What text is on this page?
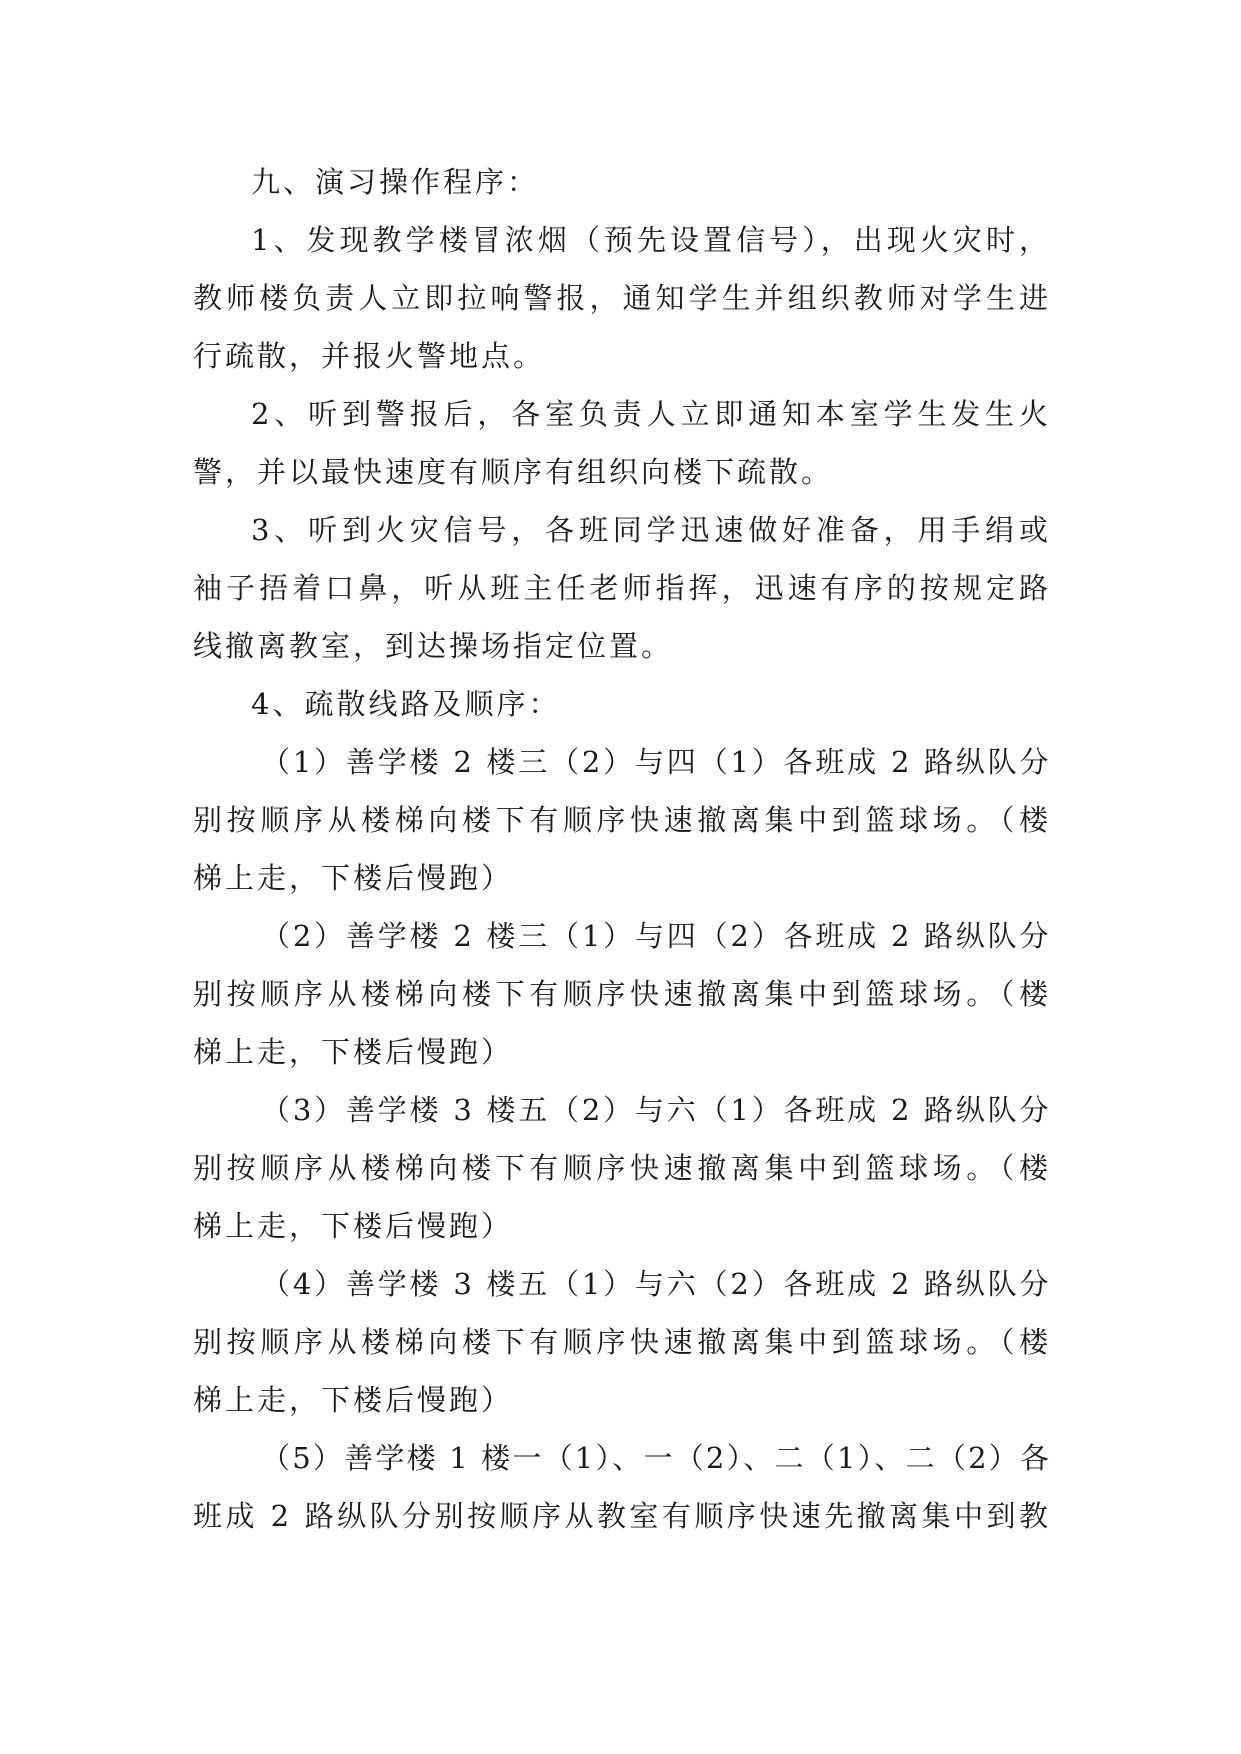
九、演习操作程序：
1、发现教学楼冒浓烟（预先设置信号），出现火灾时，
教师楼负责人立即拉响警报，通知学生并组织教师对学生进
行疏散，并报火警地点。
2、听到警报后，各室负责人立即通知本室学生发生火
警，并以最快速度有顺序有组织向楼下疏散。
3、听到火灾信号，各班同学迅速做好准备，用手绢或
袖子捂着口鼻，听从班主任老师指挥，迅速有序的按规定路
线撤离教室，到达操场指定位置。
4、疏散线路及顺序：
（1）善学楼 2 楼三（2）与四（1）各班成 2 路纵队分
别按顺序从楼梯向楼下有顺序快速撤离集中到篮球场。（楼
梯上走，下楼后慢跑）
（2）善学楼 2 楼三（1）与四（2）各班成 2 路纵队分
别按顺序从楼梯向楼下有顺序快速撤离集中到篮球场。（楼
梯上走，下楼后慢跑）
（3）善学楼 3 楼五（2）与六（1）各班成 2 路纵队分
别按顺序从楼梯向楼下有顺序快速撤离集中到篮球场。（楼
梯上走，下楼后慢跑）
（4）善学楼 3 楼五（1）与六（2）各班成 2 路纵队分
别按顺序从楼梯向楼下有顺序快速撤离集中到篮球场。（楼
梯上走，下楼后慢跑）
（5）善学楼 1 楼一（1）、一（2）、二（1）、二（2）各
班成 2 路纵队分别按顺序从教室有顺序快速先撤离集中到教
